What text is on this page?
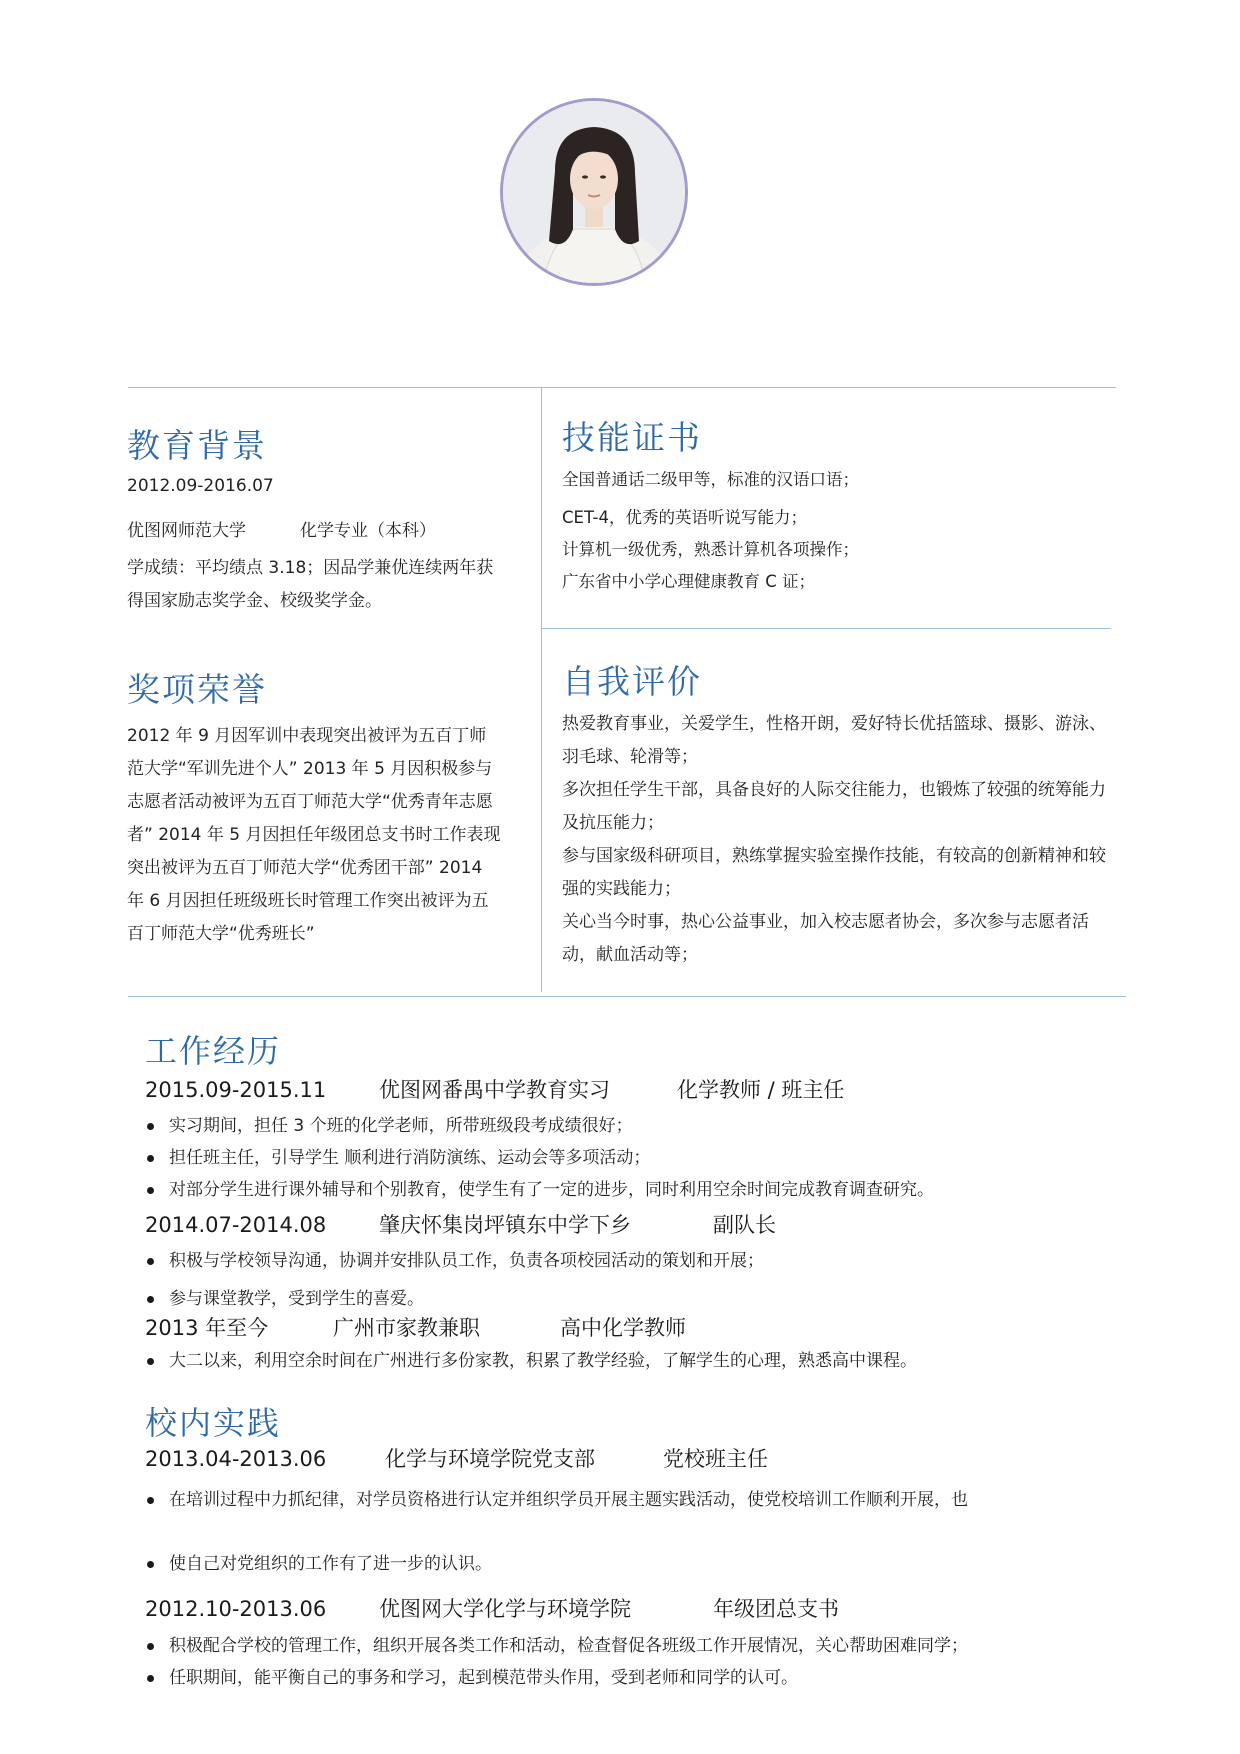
教育背景
2012.09-2016.07
优图网师范大学	化学专业（本科）
学成绩：平均绩点 3.18；因品学兼优连续两年获得国家励志奖学金、校级奖学金。
奖项荣誉
2012 年 9 月因军训中表现突出被评为五百丁师范大学“军训先进个人” 2013 年 5 月因积极参与志愿者活动被评为五百丁师范大学“优秀青年志愿者” 2014 年 5 月因担任年级团总支书时工作表现突出被评为五百丁师范大学“优秀团干部” 2014 年 6 月因担任班级班长时管理工作突出被评为五百丁师范大学“优秀班长”
技能证书
全国普通话二级甲等，标准的汉语口语；
CET-4，优秀的英语听说写能力；
计算机一级优秀，熟悉计算机各项操作；
广东省中小学心理健康教育 C 证；
自我评价
热爱教育事业，关爱学生，性格开朗，爱好特长优括篮球、摄影、游泳、羽毛球、轮滑等；
多次担任学生干部，具备良好的人际交往能力，也锻炼了较强的统筹能力及抗压能力；
参与国家级科研项目，熟练掌握实验室操作技能，有较高的创新精神和较强的实践能力；
关心当今时事，热心公益事业，加入校志愿者协会，多次参与志愿者活动，献血活动等；
工作经历
2015.09-2015.11	优图网番禺中学教育实习	化学教师 / 班主任
实习期间，担任 3 个班的化学老师，所带班级段考成绩很好；
担任班主任，引导学生 顺利进行消防演练、运动会等多项活动；
对部分学生进行课外辅导和个别教育，使学生有了一定的进步，同时利用空余时间完成教育调查研究。
2014.07-2014.08	肇庆怀集岗坪镇东中学下乡	副队长
积极与学校领导沟通，协调并安排队员工作，负责各项校园活动的策划和开展；
参与课堂教学，受到学生的喜爱。
2013 年至今	广州市家教兼职	高中化学教师
大二以来，利用空余时间在广州进行多份家教，积累了教学经验，了解学生的心理，熟悉高中课程。
校内实践
2013.04-2013.06	化学与环境学院党支部	党校班主任
在培训过程中力抓纪律，对学员资格进行认定并组织学员开展主题实践活动，使党校培训工作顺利开展，也
使自己对党组织的工作有了进一步的认识。
2012.10-2013.06	优图网大学化学与环境学院	年级团总支书
积极配合学校的管理工作，组织开展各类工作和活动，检查督促各班级工作开展情况，关心帮助困难同学；
任职期间，能平衡自己的事务和学习，起到模范带头作用，受到老师和同学的认可。
